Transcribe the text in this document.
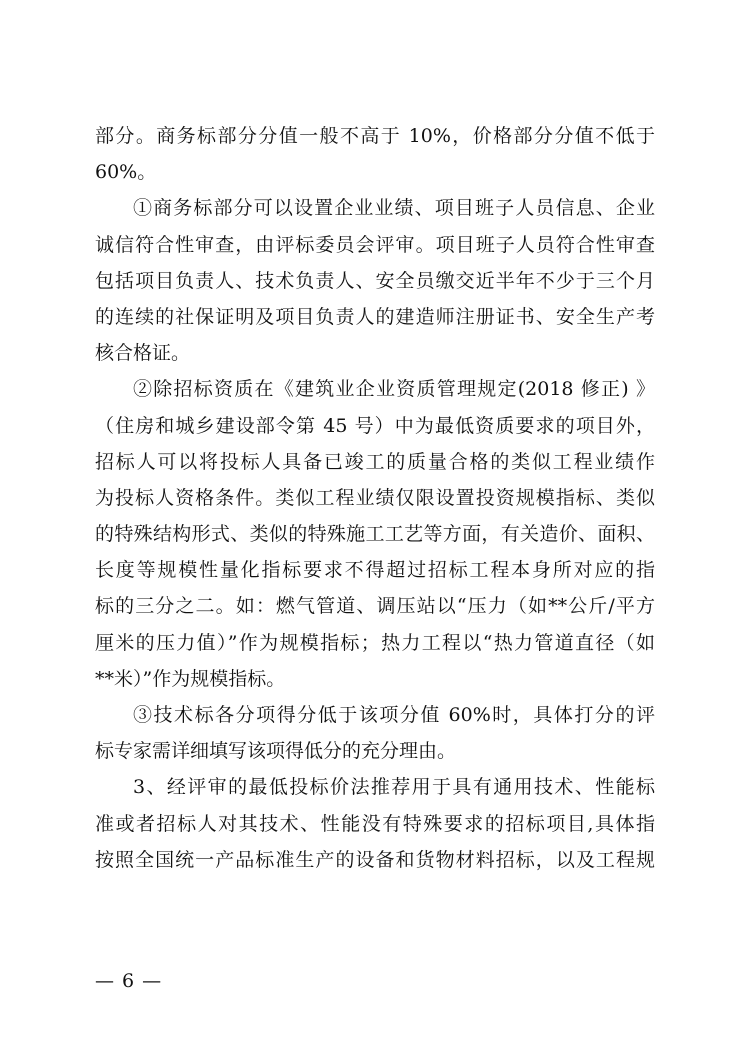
部分。商务标部分分值一般不高于 10%，价格部分分值不低于
60%。
①商务标部分可以设置企业业绩、项目班子人员信息、企业
诚信符合性审查，由评标委员会评审。项目班子人员符合性审查
包括项目负责人、技术负责人、安全员缴交近半年不少于三个月
的连续的社保证明及项目负责人的建造师注册证书、安全生产考
核合格证。
②除招标资质在《建筑业企业资质管理规定(2018 修正) 》
（住房和城乡建设部令第 45 号）中为最低资质要求的项目外，
招标人可以将投标人具备已竣工的质量合格的类似工程业绩作
为投标人资格条件。类似工程业绩仅限设置投资规模指标、类似
的特殊结构形式、类似的特殊施工工艺等方面，有关造价、面积、
长度等规模性量化指标要求不得超过招标工程本身所对应的指
标的三分之二。如：燃气管道、调压站以“压力（如**公斤/平方
厘米的压力值）”作为规模指标；热力工程以“热力管道直径（如
**米）”作为规模指标。
③技术标各分项得分低于该项分值 60%时，具体打分的评
标专家需详细填写该项得低分的充分理由。
3、经评审的最低投标价法推荐用于具有通用技术、性能标
准或者招标人对其技术、性能没有特殊要求的招标项目,具体指
按照全国统一产品标准生产的设备和货物材料招标，以及工程规
— 6 —
